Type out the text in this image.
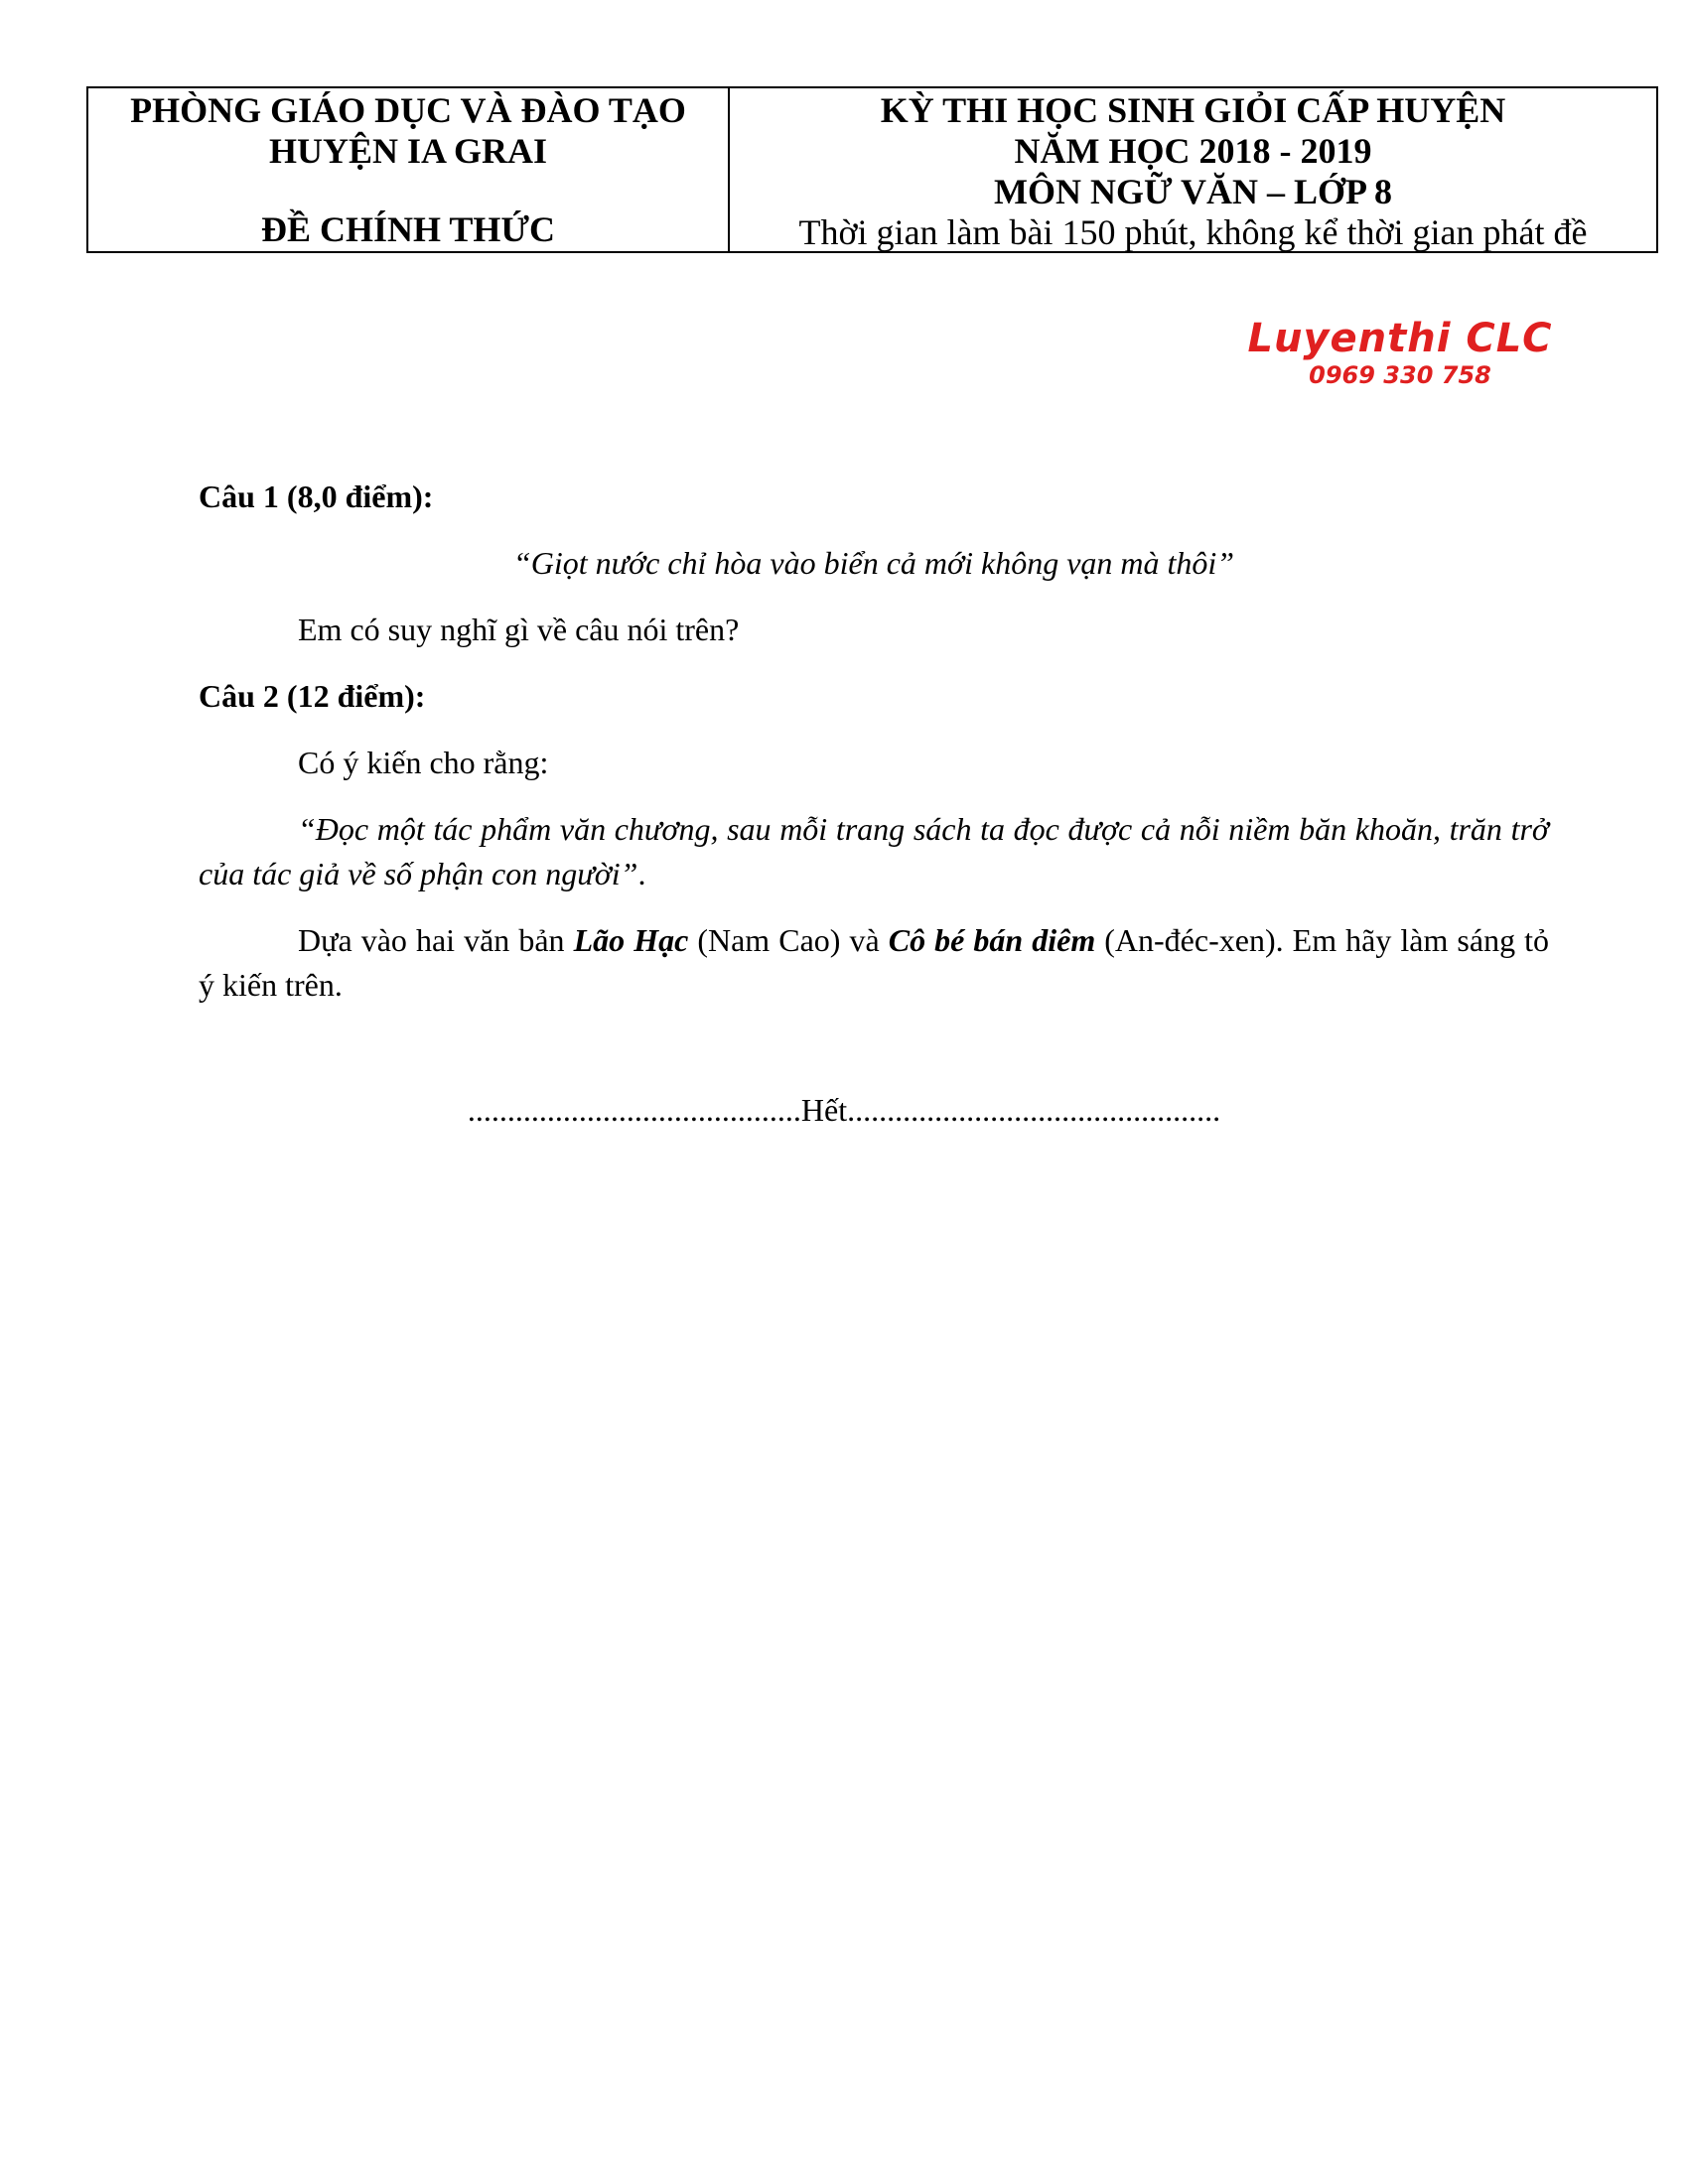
PHÒNG GIÁO DỤC VÀ ĐÀO TẠO
HUYỆN IA GRAI
ĐỀ CHÍNH THỨC
KỲ THI HỌC SINH GIỎI CẤP HUYỆN
NĂM HỌC 2018 - 2019
MÔN NGỮ VĂN – LỚP 8
Thời gian làm bài 150 phút, không kể thời gian phát đề
Luyenthi CLC
0969 330 758

Câu 1 (8,0 điểm):

“Giọt nước chỉ hòa vào biển cả mới không vạn mà thôi”

Em có suy nghĩ gì về câu nói trên?

Câu 2 (12 điểm):

Có ý kiến cho rằng:

“Đọc một tác phẩm văn chương, sau mỗi trang sách ta đọc được cả nỗi niềm băn khoăn, trăn trở của tác giả về số phận con người”.

Dựa vào hai văn bản Lão Hạc (Nam Cao) và Cô bé bán diêm (An-đéc-xen). Em hãy làm sáng tỏ ý kiến trên.

..........................................Hết...............................................
